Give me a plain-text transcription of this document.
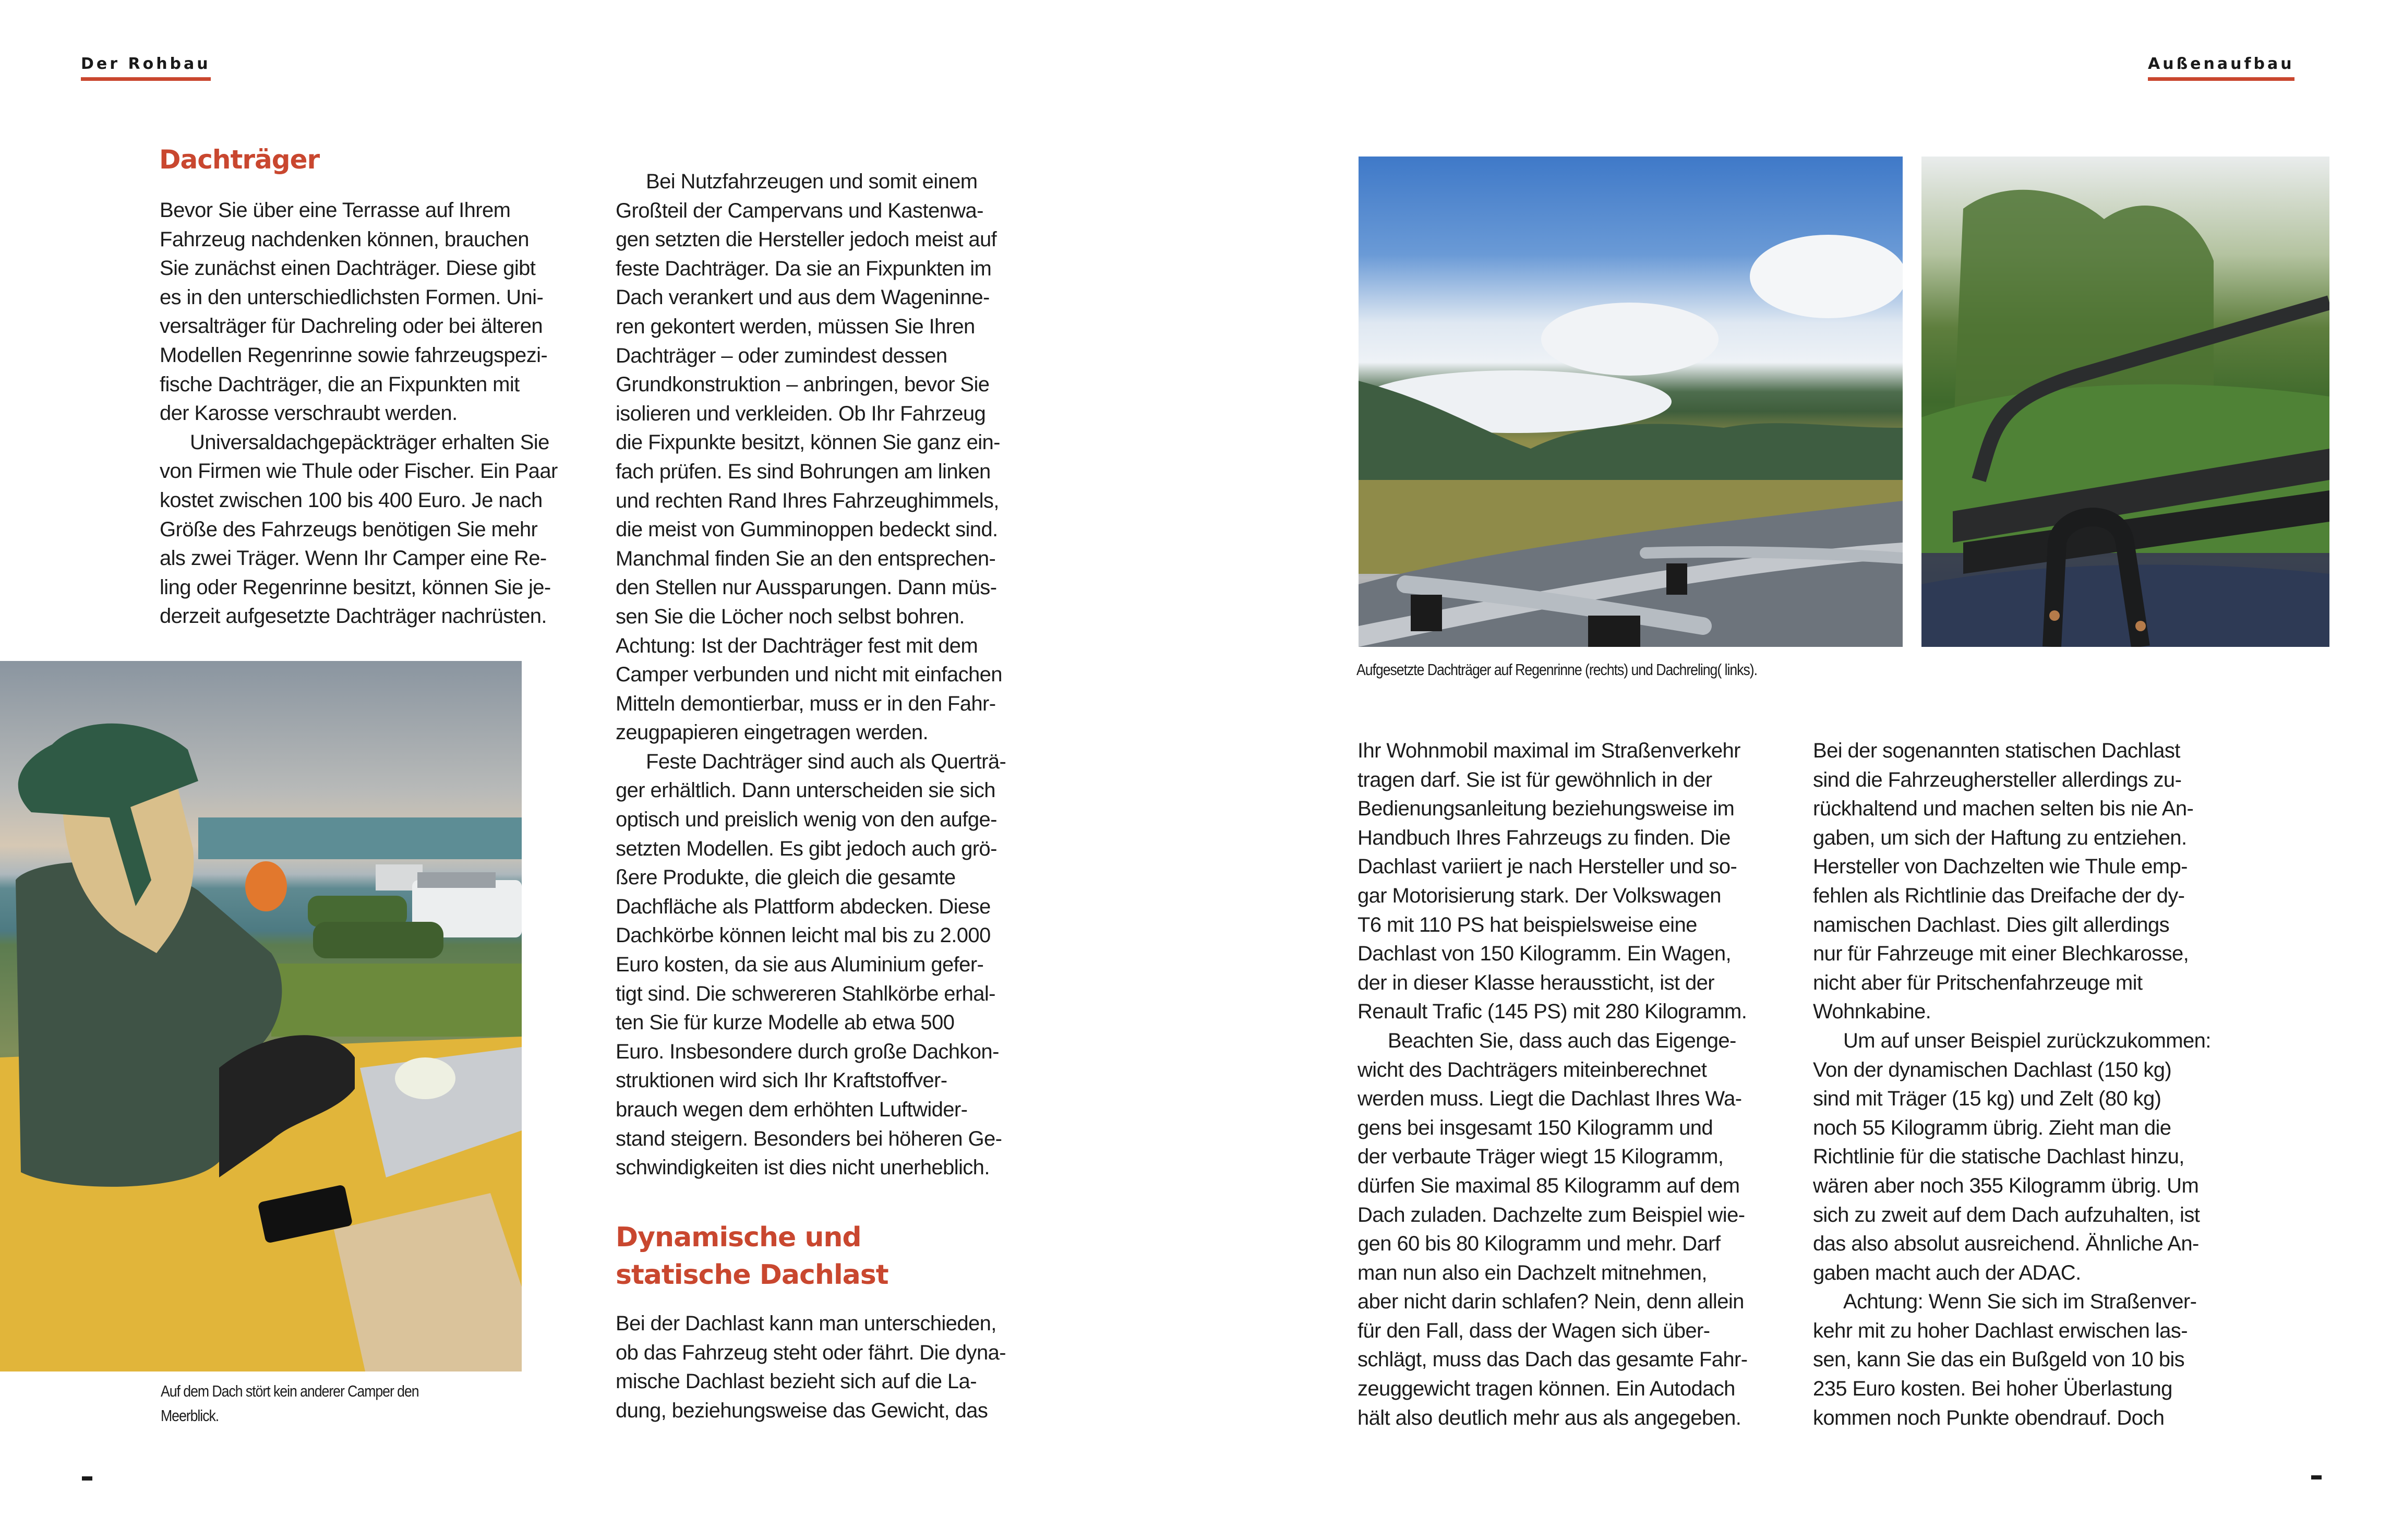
Der Rohbau
Dachträger
Bevor Sie über eine Terrasse auf Ihrem
Fahrzeug nachdenken können, brauchen
Sie zunächst einen Dachträger. Diese gibt
es in den unterschiedlichsten Formen. Uni-
versalträger für Dachreling oder bei älteren
Modellen Regenrinne sowie fahrzeugspezi-
fische Dachträger, die an Fixpunkten mit
der Karosse verschraubt werden.
Universaldachgepäckträger erhalten Sie
von Firmen wie Thule oder Fischer. Ein Paar
kostet zwischen 100 bis 400 Euro. Je nach
Größe des Fahrzeugs benötigen Sie mehr
als zwei Träger. Wenn Ihr Camper eine Re-
ling oder Regenrinne besitzt, können Sie je-
derzeit aufgesetzte Dachträger nachrüsten.
Bei Nutzfahrzeugen und somit einem
Großteil der Campervans und Kastenwa-
gen setzten die Hersteller jedoch meist auf
feste Dachträger. Da sie an Fixpunkten im
Dach verankert und aus dem Wageninne-
ren gekontert werden, müssen Sie Ihren
Dachträger – oder zumindest dessen
Grundkonstruktion – anbringen, bevor Sie
isolieren und verkleiden. Ob Ihr Fahrzeug
die Fixpunkte besitzt, können Sie ganz ein-
fach prüfen. Es sind Bohrungen am linken
und rechten Rand Ihres Fahrzeughimmels,
die meist von Gumminoppen bedeckt sind.
Manchmal finden Sie an den entsprechen-
den Stellen nur Aussparungen. Dann müs-
sen Sie die Löcher noch selbst bohren.
Achtung: Ist der Dachträger fest mit dem
Camper verbunden und nicht mit einfachen
Mitteln demontierbar, muss er in den Fahr-
zeugpapieren eingetragen werden.
Feste Dachträger sind auch als Querträ-
ger erhältlich. Dann unterscheiden sie sich
optisch und preislich wenig von den aufge-
setzten Modellen. Es gibt jedoch auch grö-
ßere Produkte, die gleich die gesamte
Dachfläche als Plattform abdecken. Diese
Dachkörbe können leicht mal bis zu 2.000
Euro kosten, da sie aus Aluminium gefer-
tigt sind. Die schwereren Stahlkörbe erhal-
ten Sie für kurze Modelle ab etwa 500
Euro. Insbesondere durch große Dachkon-
struktionen wird sich Ihr Kraftstoffver-
brauch wegen dem erhöhten Luftwider-
stand steigern. Besonders bei höheren Ge-
schwindigkeiten ist dies nicht unerheblich.
Dynamische und
statische Dachlast
Bei der Dachlast kann man unterschieden,
ob das Fahrzeug steht oder fährt. Die dyna-
mische Dachlast bezieht sich auf die La-
dung, beziehungsweise das Gewicht, das
Auf dem Dach stört kein anderer Camper den
Meerblick.
Außenaufbau
Aufgesetzte Dachträger auf Regenrinne (rechts) und Dachreling( links).
Ihr Wohnmobil maximal im Straßenverkehr
tragen darf. Sie ist für gewöhnlich in der
Bedienungsanleitung beziehungsweise im
Handbuch Ihres Fahrzeugs zu finden. Die
Dachlast variiert je nach Hersteller und so-
gar Motorisierung stark. Der Volkswagen
T6 mit 110 PS hat beispielsweise eine
Dachlast von 150 Kilogramm. Ein Wagen,
der in dieser Klasse heraussticht, ist der
Renault Trafic (145 PS) mit 280 Kilogramm.
Beachten Sie, dass auch das Eigenge-
wicht des Dachträgers miteinberechnet
werden muss. Liegt die Dachlast Ihres Wa-
gens bei insgesamt 150 Kilogramm und
der verbaute Träger wiegt 15 Kilogramm,
dürfen Sie maximal 85 Kilogramm auf dem
Dach zuladen. Dachzelte zum Beispiel wie-
gen 60 bis 80 Kilogramm und mehr. Darf
man nun also ein Dachzelt mitnehmen,
aber nicht darin schlafen? Nein, denn allein
für den Fall, dass der Wagen sich über-
schlägt, muss das Dach das gesamte Fahr-
zeuggewicht tragen können. Ein Autodach
hält also deutlich mehr aus als angegeben.
Bei der sogenannten statischen Dachlast
sind die Fahrzeughersteller allerdings zu-
rückhaltend und machen selten bis nie An-
gaben, um sich der Haftung zu entziehen.
Hersteller von Dachzelten wie Thule emp-
fehlen als Richtlinie das Dreifache der dy-
namischen Dachlast. Dies gilt allerdings
nur für Fahrzeuge mit einer Blechkarosse,
nicht aber für Pritschenfahrzeuge mit
Wohnkabine.
Um auf unser Beispiel zurückzukommen:
Von der dynamischen Dachlast (150 kg)
sind mit Träger (15 kg) und Zelt (80 kg)
noch 55 Kilogramm übrig. Zieht man die
Richtlinie für die statische Dachlast hinzu,
wären aber noch 355 Kilogramm übrig. Um
sich zu zweit auf dem Dach aufzuhalten, ist
das also absolut ausreichend. Ähnliche An-
gaben macht auch der ADAC.
Achtung: Wenn Sie sich im Straßenver-
kehr mit zu hoher Dachlast erwischen las-
sen, kann Sie das ein Bußgeld von 10 bis
235 Euro kosten. Bei hoher Überlastung
kommen noch Punkte obendrauf. Doch
